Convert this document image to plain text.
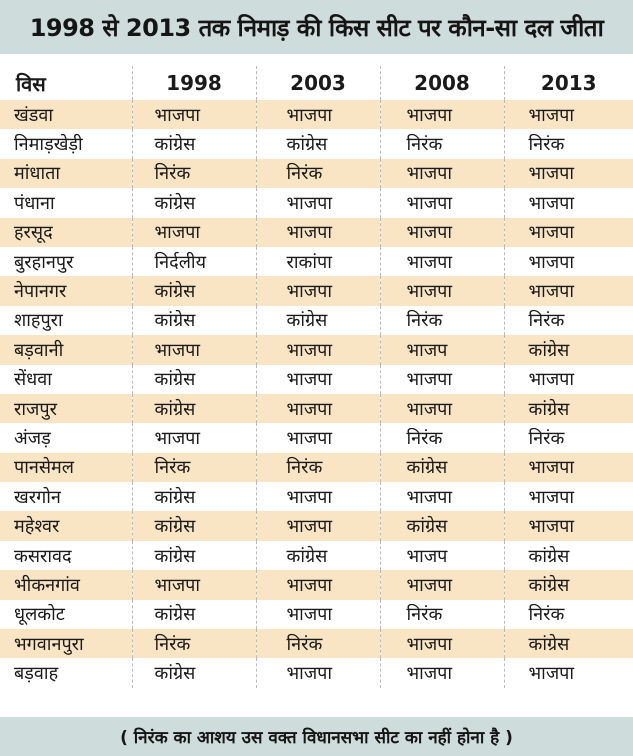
1998 से 2013 तक निमाड़ की किस सीट पर कौन-सा दल जीता
विस	1998	2003	2008	2013
खंडवा	भाजपा	भाजपा	भाजपा	भाजपा
निमाड़खेड़ी	कांग्रेस	कांग्रेस	निरंक	निरंक
मांधाता	निरंक	निरंक	भाजपा	भाजपा
पंधाना	कांग्रेस	भाजपा	भाजपा	भाजपा
हरसूद	भाजपा	भाजपा	भाजपा	भाजपा
बुरहानपुर	निर्दलीय	राकांपा	भाजपा	भाजपा
नेपानगर	कांग्रेस	भाजपा	भाजपा	भाजपा
शाहपुरा	कांग्रेस	कांग्रेस	निरंक	निरंक
बड़वानी	भाजपा	भाजपा	भाजप	कांग्रेस
सेंधवा	कांग्रेस	भाजपा	भाजपा	भाजपा
राजपुर	कांग्रेस	भाजपा	भाजपा	कांग्रेस
अंजड़	भाजपा	भाजपा	निरंक	निरंक
पानसेमल	निरंक	निरंक	कांग्रेस	भाजपा
खरगोन	कांग्रेस	भाजपा	भाजपा	भाजपा
महेश्वर	कांग्रेस	भाजपा	कांग्रेस	भाजपा
कसरावद	कांग्रेस	कांग्रेस	भाजप	कांग्रेस
भीकनगांव	भाजपा	भाजपा	भाजपा	कांग्रेस
धूलकोट	कांग्रेस	भाजपा	निरंक	निरंक
भगवानपुरा	निरंक	निरंक	भाजपा	कांग्रेस
बड़वाह	कांग्रेस	भाजपा	भाजपा	भाजपा
( निरंक का आशय उस वक्त विधानसभा सीट का नहीं होना है )
